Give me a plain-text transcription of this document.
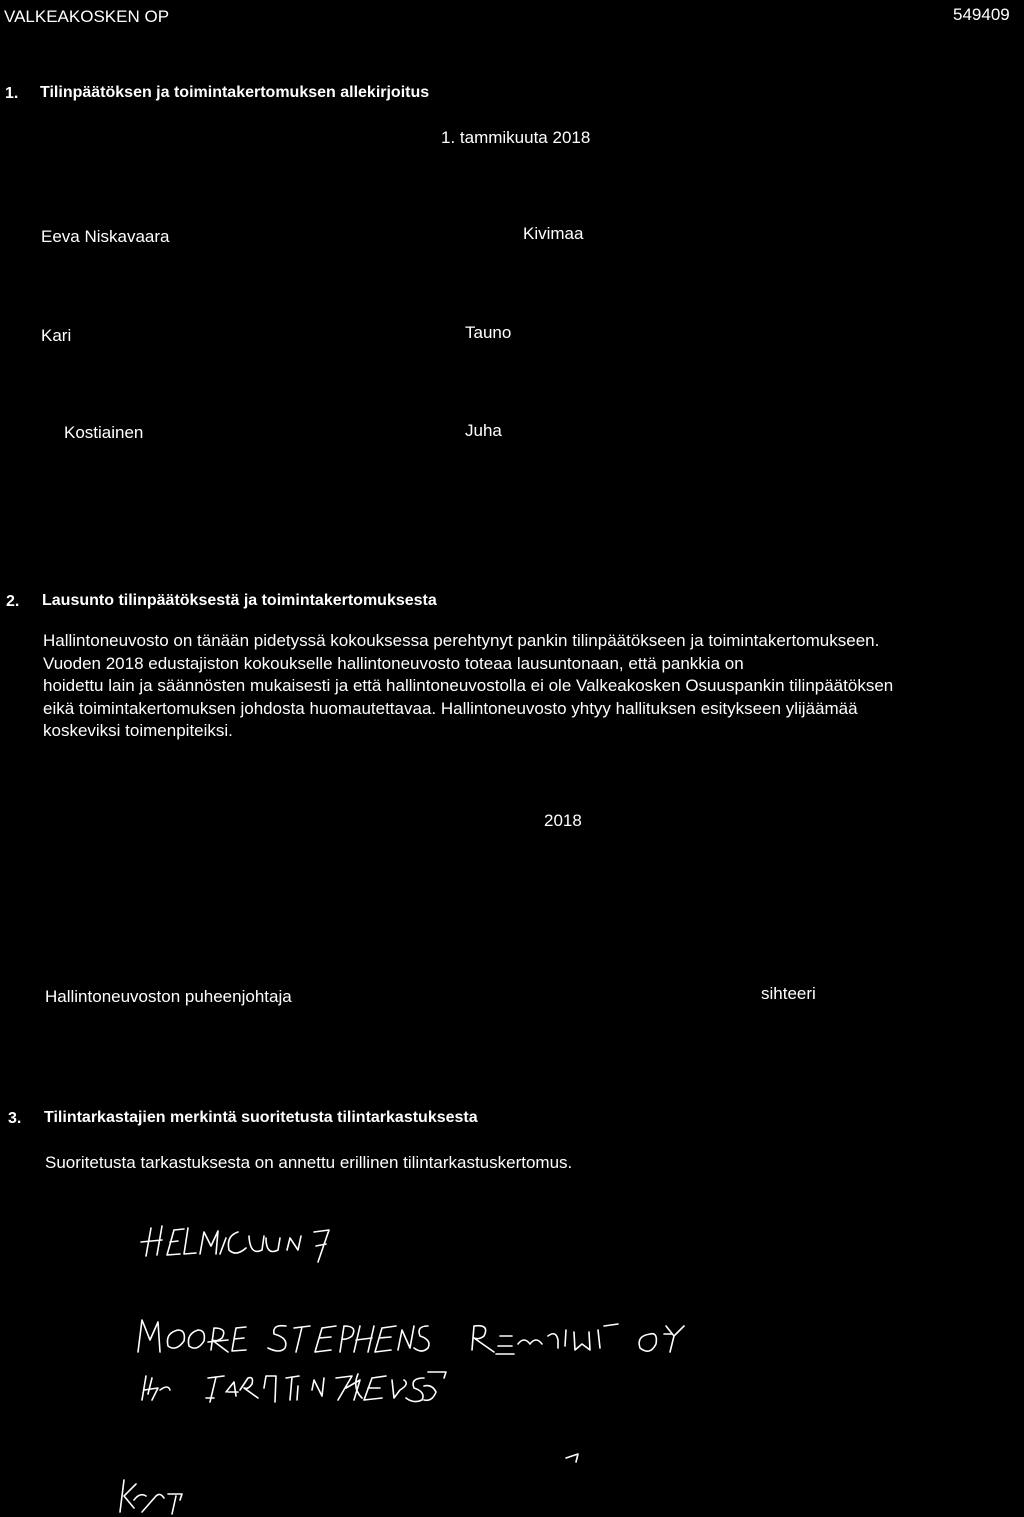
VALKEAKOSKEN OP	549409
1. Tilinpäätöksen ja toimintakertomuksen allekirjoitus
1. tammikuuta 2018
Eeva Niskavaara	Kivimaa
Kari	Tauno
Kostiainen	Juha
2. Lausunto tilinpäätöksestä ja toimintakertomuksesta
Hallintoneuvosto on tänään pidetyssä kokouksessa perehtynyt pankin tilinpäätökseen ja toimintakertomukseen.
Vuoden 2018 edustajiston kokoukselle hallintoneuvosto toteaa lausuntonaan, että pankkia on
hoidettu lain ja säännösten mukaisesti ja että hallintoneuvostolla ei ole Valkeakosken Osuuspankin tilinpäätöksen
eikä toimintakertomuksen johdosta huomautettavaa. Hallintoneuvosto yhtyy hallituksen esitykseen ylijäämää
koskeviksi toimenpiteiksi.
2018
Hallintoneuvoston puheenjohtaja	sihteeri
3. Tilintarkastajien merkintä suoritetusta tilintarkastuksesta
Suoritetusta tarkastuksesta on annettu erillinen tilintarkastuskertomus.
